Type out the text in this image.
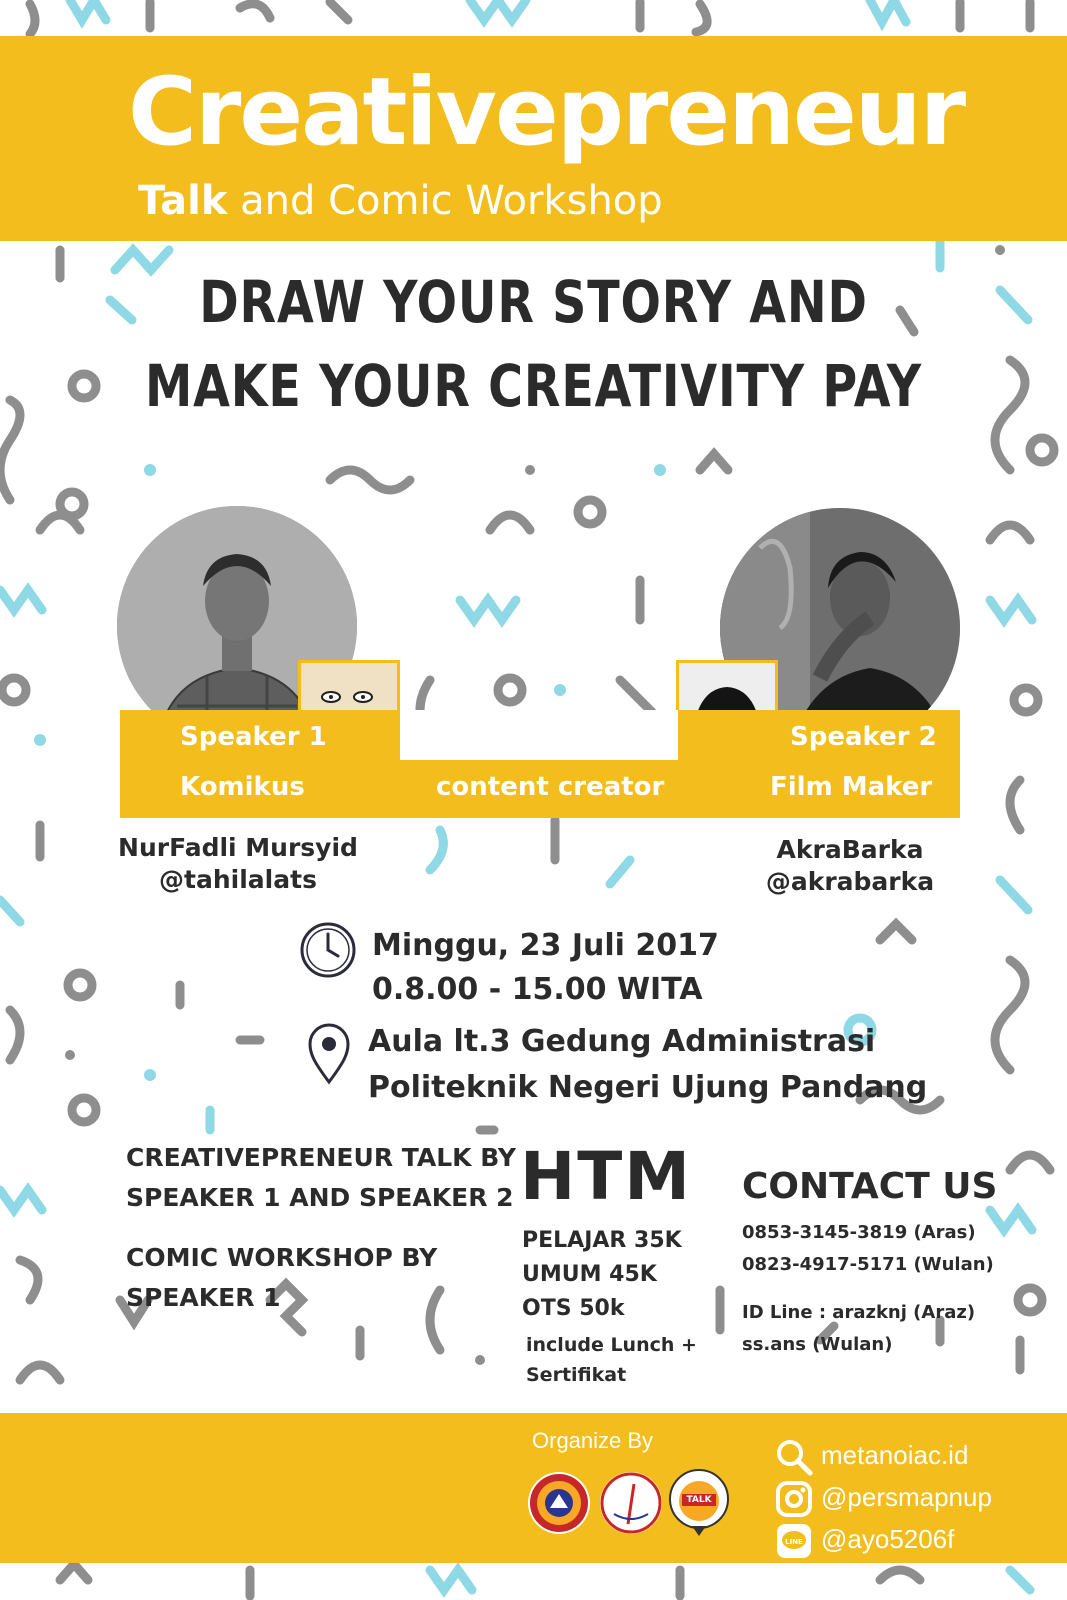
Creativepreneur
Talk and Comic Workshop
DRAW YOUR STORY AND
MAKE YOUR CREATIVITY PAY
Speaker 1
Komikus	content creator
Speaker 2
Film Maker
NurFadli Mursyid
@tahilalats
AkraBarka
@akrabarka
Minggu, 23 Juli 2017
0.8.00 - 15.00 WITA
Aula lt.3 Gedung Administrasi
Politeknik Negeri Ujung Pandang
CREATIVEPRENEUR TALK BY
SPEAKER 1 AND SPEAKER 2
COMIC WORKSHOP BY
SPEAKER 1
HTM
PELAJAR 35K
UMUM 45K
OTS 50k
include Lunch +
Sertifikat
CONTACT US
0853-3145-3819 (Aras)
0823-4917-5171 (Wulan)
ID Line : arazknj (Araz)
ss.ans (Wulan)
Organize By
TALK
metanoiac.id
@persmapnup
LINE @ayo5206f
